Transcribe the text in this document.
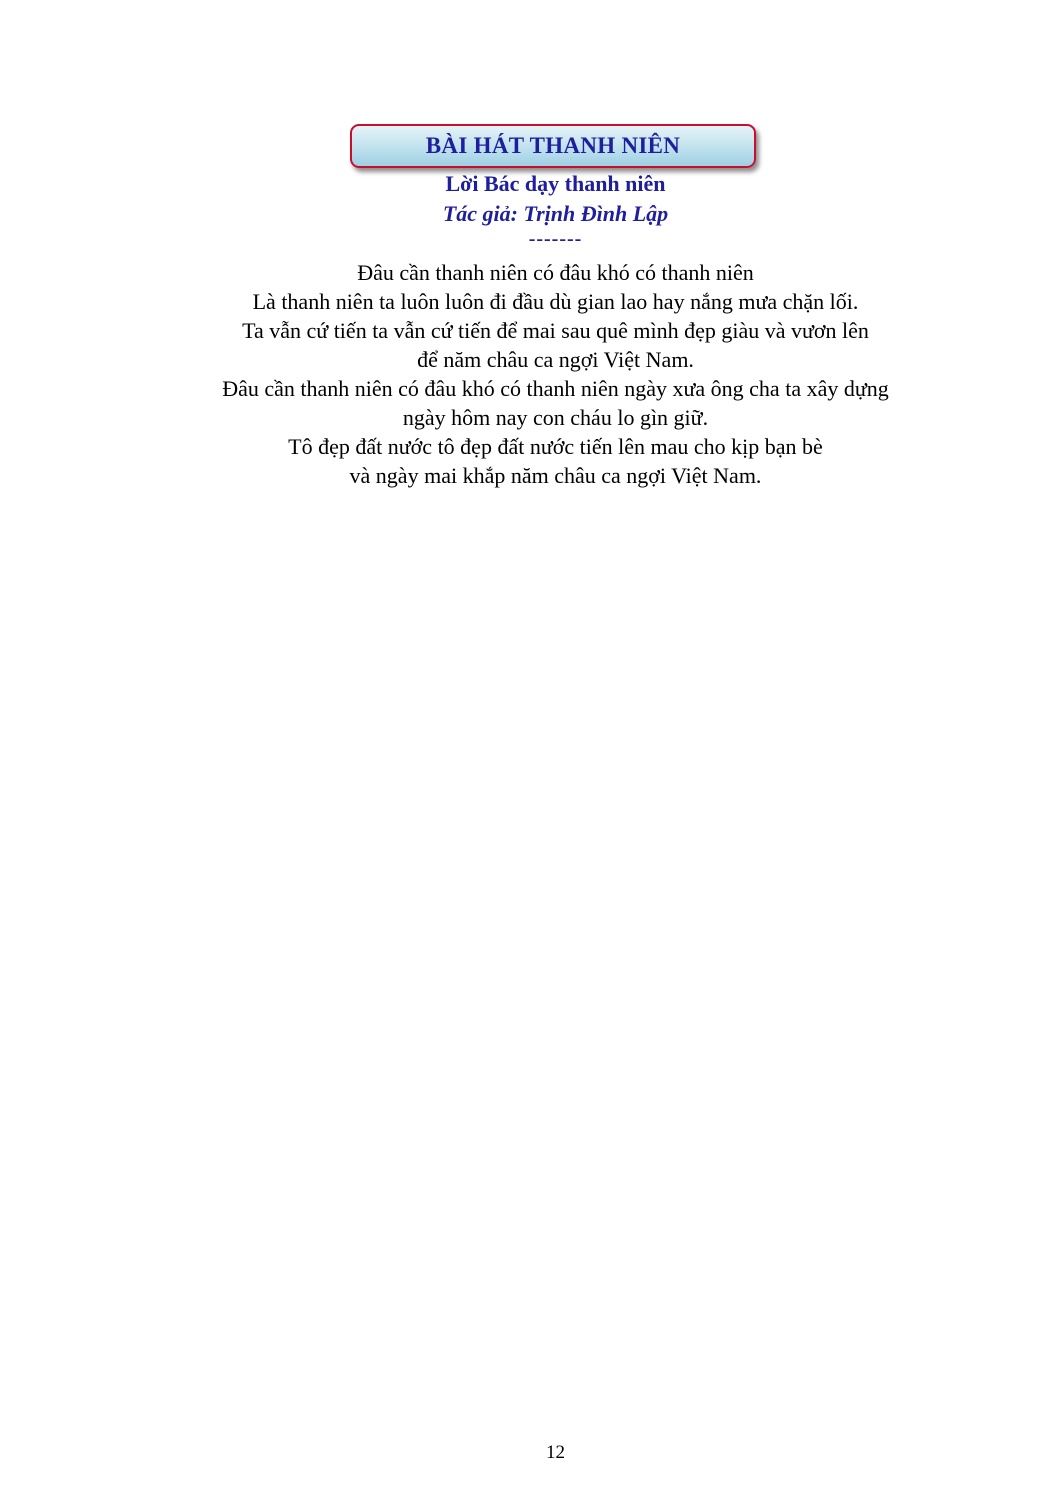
BÀI HÁT THANH NIÊN
Lời Bác dạy thanh niên
Tác giả: Trịnh Đình Lập
-------
Đâu cần thanh niên có đâu khó có thanh niên
Là thanh niên ta luôn luôn đi đầu dù gian lao hay nắng mưa chặn lối.
Ta vẫn cứ tiến ta vẫn cứ tiến để mai sau quê mình đẹp giàu và vươn lên
để năm châu ca ngợi Việt Nam.
Đâu cần thanh niên có đâu khó có thanh niên ngày xưa ông cha ta xây dựng
ngày hôm nay con cháu lo gìn giữ.
Tô đẹp đất nước tô đẹp đất nước tiến lên mau cho kịp bạn bè
và ngày mai khắp năm châu ca ngợi Việt Nam.
12
